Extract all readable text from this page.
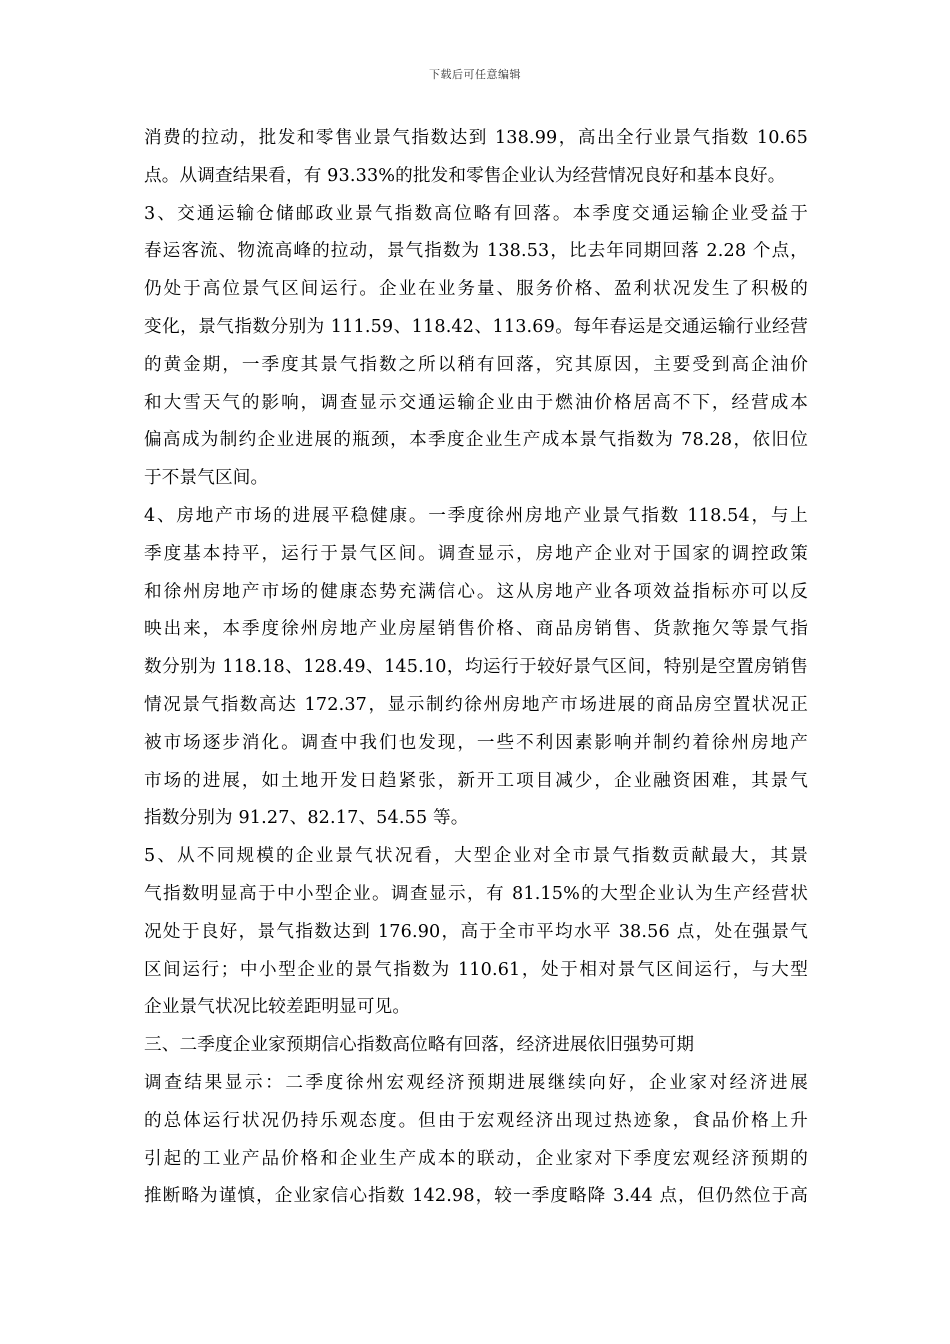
下载后可任意编辑
消费的拉动，批发和零售业景气指数达到 138.99，高出全行业景气指数 10.65
点。从调查结果看，有 93.33%的批发和零售企业认为经营情况良好和基本良好。
3、交通运输仓储邮政业景气指数高位略有回落。本季度交通运输企业受益于
春运客流、物流高峰的拉动，景气指数为 138.53，比去年同期回落 2.28 个点，
仍处于高位景气区间运行。企业在业务量、服务价格、盈利状况发生了积极的
变化，景气指数分别为 111.59、118.42、113.69。每年春运是交通运输行业经营
的黄金期，一季度其景气指数之所以稍有回落，究其原因，主要受到高企油价
和大雪天气的影响，调查显示交通运输企业由于燃油价格居高不下，经营成本
偏高成为制约企业进展的瓶颈，本季度企业生产成本景气指数为 78.28，依旧位
于不景气区间。
4、房地产市场的进展平稳健康。一季度徐州房地产业景气指数 118.54，与上
季度基本持平，运行于景气区间。调查显示，房地产企业对于国家的调控政策
和徐州房地产市场的健康态势充满信心。这从房地产业各项效益指标亦可以反
映出来，本季度徐州房地产业房屋销售价格、商品房销售、货款拖欠等景气指
数分别为 118.18、128.49、145.10，均运行于较好景气区间，特别是空置房销售
情况景气指数高达 172.37，显示制约徐州房地产市场进展的商品房空置状况正
被市场逐步消化。调查中我们也发现，一些不利因素影响并制约着徐州房地产
市场的进展，如土地开发日趋紧张，新开工项目减少，企业融资困难，其景气
指数分别为 91.27、82.17、54.55 等。
5、从不同规模的企业景气状况看，大型企业对全市景气指数贡献最大，其景
气指数明显高于中小型企业。调查显示，有 81.15%的大型企业认为生产经营状
况处于良好，景气指数达到 176.90，高于全市平均水平 38.56 点，处在强景气
区间运行；中小型企业的景气指数为 110.61，处于相对景气区间运行，与大型
企业景气状况比较差距明显可见。
三、二季度企业家预期信心指数高位略有回落，经济进展依旧强势可期
调查结果显示：二季度徐州宏观经济预期进展继续向好，企业家对经济进展
的总体运行状况仍持乐观态度。但由于宏观经济出现过热迹象，食品价格上升
引起的工业产品价格和企业生产成本的联动，企业家对下季度宏观经济预期的
推断略为谨慎，企业家信心指数 142.98，较一季度略降 3.44 点，但仍然位于高
